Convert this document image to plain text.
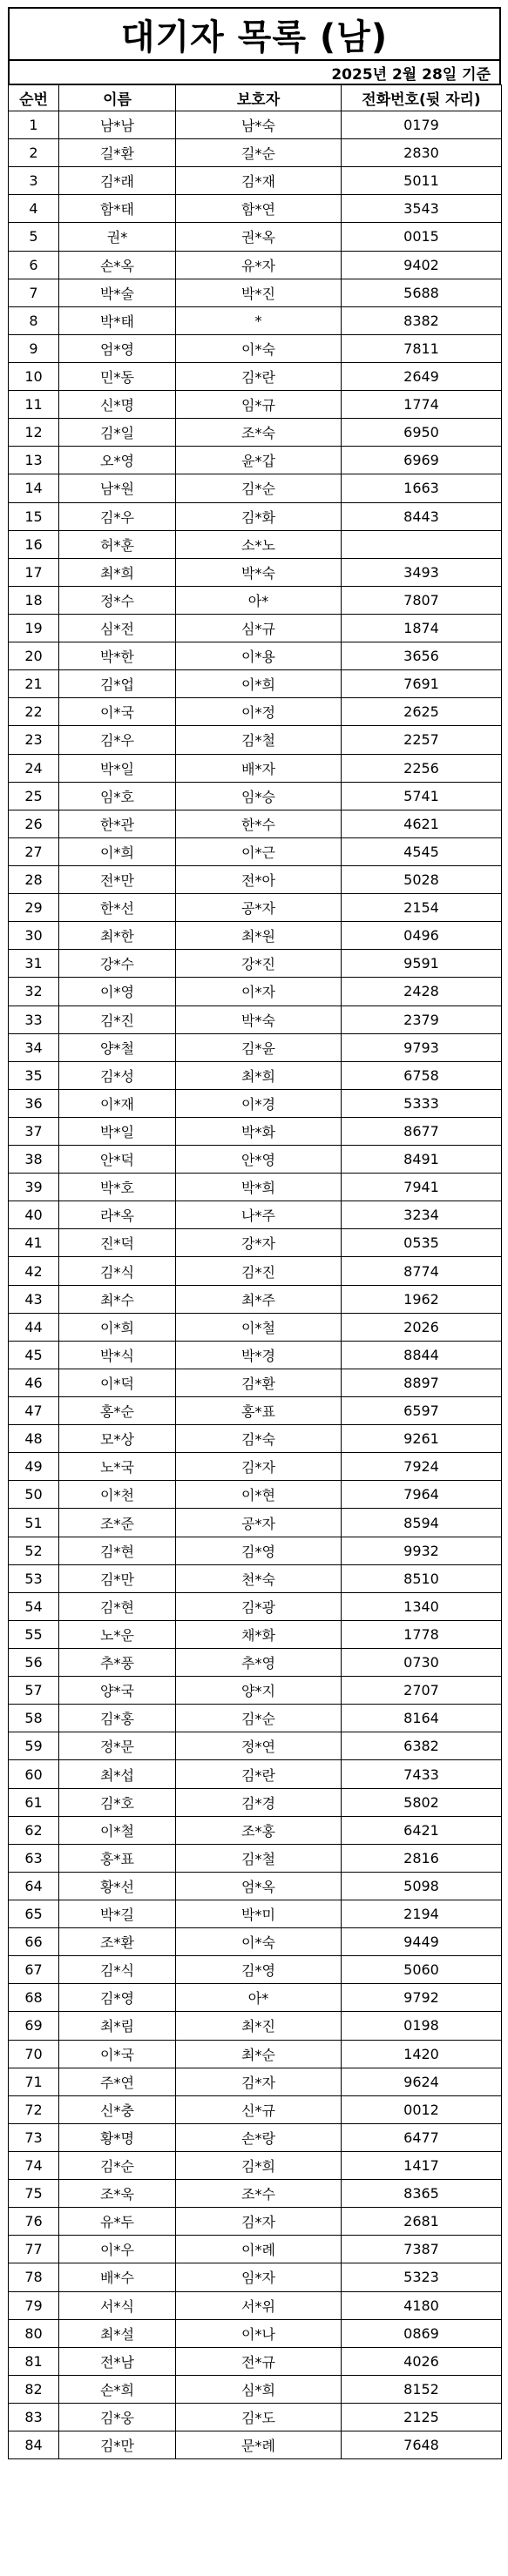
대기자 목록 (남)
2025년 2월 28일 기준
순번	이름	보호자	전화번호(뒷 자리)
1	남*남	남*숙	0179
2	길*환	길*순	2830
3	김*래	김*재	5011
4	함*태	함*연	3543
5	권*	권*옥	0015
6	손*옥	유*자	9402
7	박*술	박*진	5688
8	박*태	*	8382
9	엄*영	이*숙	7811
10	민*동	김*란	2649
11	신*명	임*규	1774
12	김*일	조*숙	6950
13	오*영	윤*갑	6969
14	남*원	김*순	1663
15	김*우	김*화	8443
16	허*훈	소*노	
17	최*희	박*숙	3493
18	정*수	아*	7807
19	심*전	심*규	1874
20	박*한	이*용	3656
21	김*업	이*희	7691
22	이*국	이*정	2625
23	김*우	김*철	2257
24	박*일	배*자	2256
25	임*호	임*승	5741
26	한*관	한*수	4621
27	이*희	이*근	4545
28	전*만	전*아	5028
29	한*선	공*자	2154
30	최*한	최*원	0496
31	강*수	강*진	9591
32	이*영	이*자	2428
33	김*진	박*숙	2379
34	양*철	김*윤	9793
35	김*성	최*희	6758
36	이*재	이*경	5333
37	박*일	박*화	8677
38	안*덕	안*영	8491
39	박*호	박*희	7941
40	라*옥	나*주	3234
41	진*덕	강*자	0535
42	김*식	김*진	8774
43	최*수	최*주	1962
44	이*희	이*철	2026
45	박*식	박*경	8844
46	이*덕	김*환	8897
47	홍*순	홍*표	6597
48	모*상	김*숙	9261
49	노*국	김*자	7924
50	이*천	이*현	7964
51	조*준	공*자	8594
52	김*현	김*영	9932
53	김*만	천*숙	8510
54	김*현	김*광	1340
55	노*운	채*화	1778
56	추*풍	추*영	0730
57	양*국	양*지	2707
58	김*홍	김*순	8164
59	정*문	정*연	6382
60	최*섭	김*란	7433
61	김*호	김*경	5802
62	이*철	조*홍	6421
63	홍*표	김*철	2816
64	황*선	엄*옥	5098
65	박*길	박*미	2194
66	조*환	이*숙	9449
67	김*식	김*영	5060
68	김*영	아*	9792
69	최*림	최*진	0198
70	이*국	최*순	1420
71	주*연	김*자	9624
72	신*충	신*규	0012
73	황*명	손*랑	6477
74	김*순	김*희	1417
75	조*욱	조*수	8365
76	유*두	김*자	2681
77	이*우	이*례	7387
78	배*수	임*자	5323
79	서*식	서*위	4180
80	최*설	이*나	0869
81	전*남	전*규	4026
82	손*희	심*희	8152
83	김*웅	김*도	2125
84	김*만	문*례	7648
